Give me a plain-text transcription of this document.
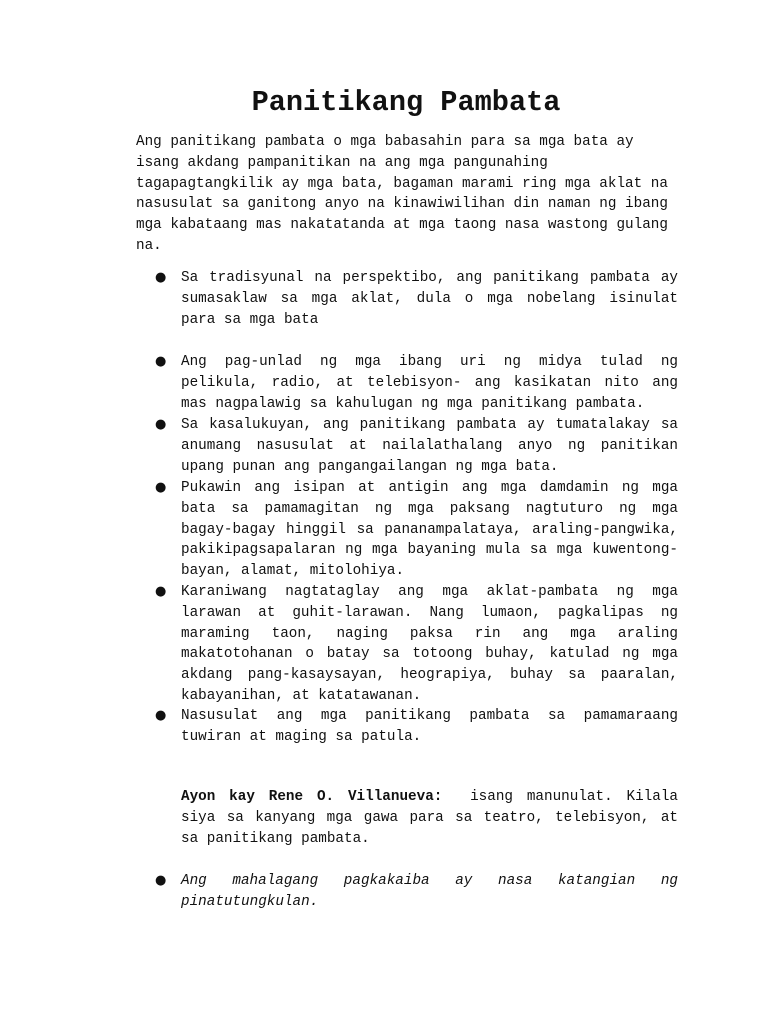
Panitikang Pambata

Ang panitikang pambata o mga babasahin para sa mga bata ay isang akdang pampanitikan na ang mga pangunahing tagapagtangkilik ay mga bata, bagaman marami ring mga aklat na nasusulat sa ganitong anyo na kinawiwilihan din naman ng ibang mga kabataang mas nakatatanda at mga taong nasa wastong gulang na.

● Sa tradisyunal na perspektibo, ang panitikang pambata ay sumasaklaw sa mga aklat, dula o mga nobelang isinulat para sa mga bata
● Ang pag-unlad ng mga ibang uri ng midya tulad ng pelikula, radio, at telebisyon- ang kasikatan nito ang mas nagpalawig sa kahulugan ng mga panitikang pambata.
● Sa kasalukuyan, ang panitikang pambata ay tumatalakay sa anumang nasusulat at nailalathalang anyo ng panitikan upang punan ang pangangailangan ng mga bata.
● Pukawin ang isipan at antigin ang mga damdamin ng mga bata sa pamamagitan ng mga paksang nagtuturo ng mga bagay-bagay hinggil sa pananampalataya, araling-pangwika, pakikipagsapalaran ng mga bayaning mula sa mga kuwentong-bayan, alamat, mitolohiya.
● Karaniwang nagtataglay ang mga aklat-pambata ng mga larawan at guhit-larawan. Nang lumaon, pagkalipas ng maraming taon, naging paksa rin ang mga araling makatotohanan o batay sa totoong buhay, katulad ng mga akdang pang-kasaysayan, heograpiya, buhay sa paaralan, kabayanihan, at katatawanan.
● Nasusulat ang mga panitikang pambata sa pamamaraang tuwiran at maging sa patula.

Ayon kay Rene O. Villanueva: isang manunulat. Kilala siya sa kanyang mga gawa para sa teatro, telebisyon, at sa panitikang pambata.

● Ang mahalagang pagkakaiba ay nasa katangian ng pinatutungkulan.
